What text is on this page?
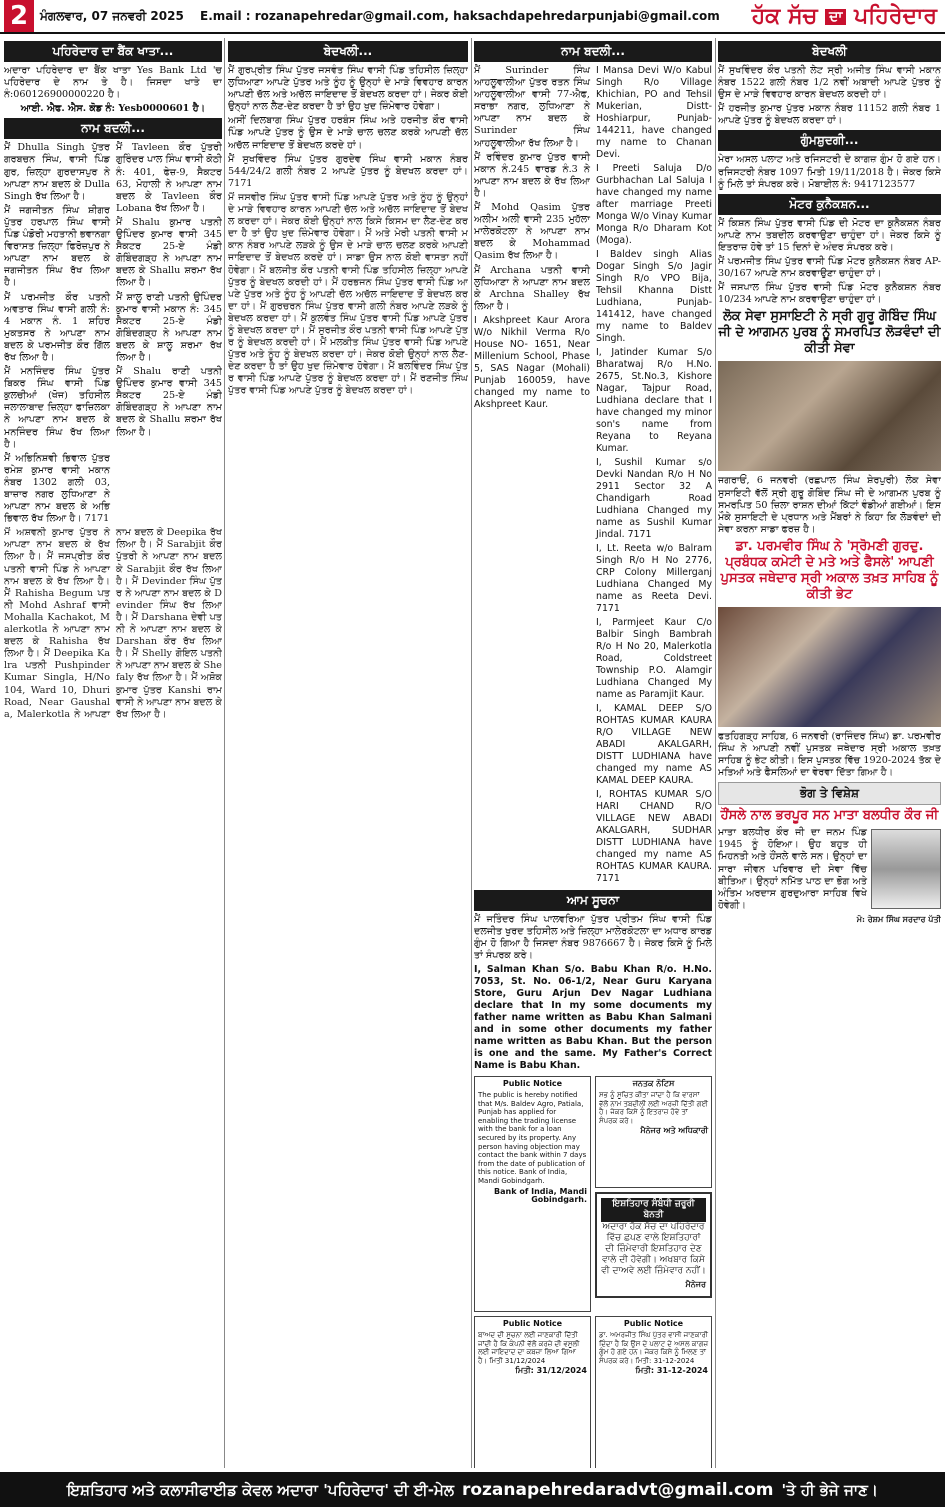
2 ਮੰਗਲਵਾਰ, 07 ਜਨਵਰੀ 2025	E.mail : rozanapehredar@gmail.com, haksachdapehredarpunjabi@gmail.com	ਹੱਕ ਸੱਚ ਦਾ ਪਹਿਰੇਦਾਰ
ਪਹਿਰੇਦਾਰ ਦਾ ਬੈਂਕ ਖਾਤਾ...
ਅਦਾਰਾ ਪਹਿਰੇਦਾਰ ਦਾ ਬੈਂਕ ਖਾਤਾ Yes Bank Ltd 'ਚ ਪਹਿਰੇਦਾਰ ਦੇ ਨਾਮ ਤੇ ਹੈ। ਜਿਸਦਾ ਖਾਤੇ ਦਾ ਨੰ:060126900000220 ਹੈ।
ਆਈ. ਐਫ. ਐਸ. ਕੋਡ ਨੰ: Yesb0000601 ਹੈ।
ਨਾਮ ਬਦਲੀ...

ਮੈਂ Dhulla Singh ਪੁੱਤਰ ਗਰਬਚਨ ਸਿੰਘ, ਵਾਸੀ ਪਿੰਡ ਗੁਰ, ਜ਼ਿਲ੍ਹਾ ਗੁਰਦਾਸਪੁਰ ਨੇ ਆਪਣਾ ਨਾਮ ਬਦਲ ਕੇ Dulla Singh ਰੱਖ ਲਿਆ ਹੈ।

ਮੈਂ ਜਗਜੀਤਨ ਸਿੰਘ ਸ਼ੀਗਰ ਪੁੱਤਰ ਹਰਪਾਲ ਸਿੰਘ ਵਾਸੀ ਪਿੰਡ ਪੰਡੋਰੀ ਮਹਤਾਨੀ ਭਵਾਨਗਾ ਵਿਰਾਸਤ ਜ਼ਿਲ੍ਹਾ ਫਿਰੋਜ਼ਪੁਰ ਨੇ ਆਪਣਾ ਨਾਮ ਬਦਲ ਕੇ ਜਗਜੀਤਨ ਸਿੰਘ ਰੱਖ ਲਿਆ ਹੈ।

ਮੈਂ ਪਰਮਜੀਤ ਕੌਰ ਪਤਨੀ ਅਵਤਾਰ ਸਿੰਘ ਵਾਸੀ ਗਲੀ ਨੰ: 4 ਮਕਾਨ ਨੰ. 1 ਸ਼ਹਿਰ ਮੁਕਤਸਰ ਨੇ ਆਪਣਾ ਨਾਮ ਬਦਲ ਕੇ ਪਰਮਜੀਤ ਕੌਰ ਗਿੱਲ ਰੱਖ ਲਿਆ ਹੈ।

ਮੈਂ ਮਨਜਿੰਦਰ ਸਿੰਘ ਪੁੱਤਰ ਬਿਕਰ ਸਿੰਘ ਵਾਸੀ ਪਿੰਡ ਕੁਲਚੀਆਂ (ਖੋਜ) ਤਹਿਸੀਲ ਜਲਾਲਾਬਾਦ ਜ਼ਿਲ੍ਹਾ ਫਾਜ਼ਿਲਕਾ ਨੇ ਆਪਣਾ ਨਾਮ ਬਦਲ ਕੇ ਮਨਜਿੰਦਰ ਸਿੰਘ ਰੱਖ ਲਿਆ ਹੈ।

ਮੈਂ ਅਭਿਨਿਸ਼ਵੀ ਭਿਵਾਲ ਪੁੱਤਰ ਰਮੇਸ਼ ਕੁਮਾਰ ਵਾਸੀ ਮਕਾਨ ਨੰਬਰ 1302 ਗਲੀ 03, ਬਾਜ਼ਾਰ ਨਗਰ ਲੁਧਿਆਣਾ ਨੇ ਆਪਣਾ ਨਾਮ ਬਦਲ ਕੇ ਅਭਿ ਭਿਵਾਲ ਰੱਖ ਲਿਆ ਹੈ। 7171

ਮੈਂ Tavleen ਕੌਰ ਪੁੱਤਰੀ ਗੁਰਿੰਦਰ ਪਾਲ ਸਿੰਘ ਵਾਸੀ ਕੋਠੀ ਨੰ: 401, ਫੇਜ਼-9, ਸੈਕਟਰ 63, ਮੋਹਾਲੀ ਨੇ ਆਪਣਾ ਨਾਮ ਬਦਲ ਕੇ Tavleen ਕੌਰ Lobana ਰੱਖ ਲਿਆ ਹੈ।

ਮੈਂ Shalu ਕੁਮਾਰ ਪਤਨੀ ਉਪਿੰਦਰ ਕੁਮਾਰ ਵਾਸੀ 345 ਸੈਕਟਰ 25-ਏ ਮੰਡੀ ਗੋਬਿੰਦਗੜ੍ਹ ਨੇ ਆਪਣਾ ਨਾਮ ਬਦਲ ਕੇ Shallu ਸ਼ਰਮਾ ਰੱਖ ਲਿਆ ਹੈ।

ਮੈਂ ਸ਼ਾਲੂ ਰਾਣੀ ਪਤਨੀ ਉਪਿੰਦਰ ਕੁਮਾਰ ਵਾਸੀ ਮਕਾਨ ਨੰ: 345 ਸੈਕਟਰ 25-ਏ ਮੰਡੀ ਗੋਬਿੰਦਗੜ੍ਹ ਨੇ ਆਪਣਾ ਨਾਮ ਬਦਲ ਕੇ ਸ਼ਾਲੂ ਸ਼ਰਮਾ ਰੱਖ ਲਿਆ ਹੈ।

ਮੈਂ Shalu ਰਾਣੀ ਪਤਨੀ ਉਪਿੰਦਰ ਕੁਮਾਰ ਵਾਸੀ 345 ਸੈਕਟਰ 25-ਏ ਮੰਡੀ ਗੋਬਿੰਦਗੜ੍ਹ ਨੇ ਆਪਣਾ ਨਾਮ ਬਦਲ ਕੇ Shallu ਸ਼ਰਮਾ ਰੱਖ ਲਿਆ ਹੈ।

ਮੈਂ ਅਸ਼ਵਨੀ ਕੁਮਾਰ ਪੁੱਤਰ ਨੇ ਆਪਣਾ ਨਾਮ ਬਦਲ ਕੇ ਰੱਖ ਲਿਆ ਹੈ। ਮੈਂ ਜਸਪ੍ਰੀਤ ਕੌਰ ਪਤਨੀ ਵਾਸੀ ਪਿੰਡ ਨੇ ਆਪਣਾ ਨਾਮ ਬਦਲ ਕੇ ਰੱਖ ਲਿਆ ਹੈ। ਮੈਂ Rahisha Begum ਪਤਨੀ Mohd Ashraf ਵਾਸੀ Mohalla Kachakot, Malerkotla ਨੇ ਆਪਣਾ ਨਾਮ ਬਦਲ ਕੇ Rahisha ਰੱਖ ਲਿਆ ਹੈ। ਮੈਂ Deepika Kalra ਪਤਨੀ Pushpinder Kumar Singla, H/No 104, Ward 10, Dhuri Road, Near Gaushala, Malerkotla ਨੇ ਆਪਣਾ ਨਾਮ ਬਦਲ ਕੇ Deepika ਰੱਖ ਲਿਆ ਹੈ। ਮੈਂ Sarabjit ਕੌਰ ਪੁੱਤਰੀ ਨੇ ਆਪਣਾ ਨਾਮ ਬਦਲ ਕੇ Sarabjit ਕੌਰ ਰੱਖ ਲਿਆ ਹੈ। ਮੈਂ Devinder ਸਿੰਘ ਪੁੱਤਰ ਨੇ ਆਪਣਾ ਨਾਮ ਬਦਲ ਕੇ Devinder ਸਿੰਘ ਰੱਖ ਲਿਆ ਹੈ। ਮੈਂ Darshana ਦੇਵੀ ਪਤਨੀ ਨੇ ਆਪਣਾ ਨਾਮ ਬਦਲ ਕੇ Darshan ਕੌਰ ਰੱਖ ਲਿਆ ਹੈ। ਮੈਂ Shelly ਗੋਇਲ ਪਤਨੀ ਨੇ ਆਪਣਾ ਨਾਮ ਬਦਲ ਕੇ Shefaly ਰੱਖ ਲਿਆ ਹੈ। ਮੈਂ ਅਸ਼ੋਕ ਕੁਮਾਰ ਪੁੱਤਰ Kanshi ਰਾਮ ਵਾਸੀ ਨੇ ਆਪਣਾ ਨਾਮ ਬਦਲ ਕੇ ਰੱਖ ਲਿਆ ਹੈ।
ਬੇਦਖਲੀ...

ਮੈਂ ਗੁਰਪ੍ਰੀਤ ਸਿੰਘ ਪੁੱਤਰ ਜਸਵੰਤ ਸਿੰਘ ਵਾਸੀ ਪਿੰਡ ਤਹਿਸੀਲ ਜ਼ਿਲ੍ਹਾ ਲੁਧਿਆਣਾ ਆਪਣੇ ਪੁੱਤਰ ਅਤੇ ਨੂੰਹ ਨੂੰ ਉਨ੍ਹਾਂ ਦੇ ਮਾੜੇ ਵਿਵਹਾਰ ਕਾਰਨ ਆਪਣੀ ਚੱਲ ਅਤੇ ਅਚੱਲ ਜਾਇਦਾਦ ਤੋਂ ਬੇਦਖਲ ਕਰਦਾ ਹਾਂ। ਜੇਕਰ ਕੋਈ ਉਨ੍ਹਾਂ ਨਾਲ ਲੈਣ-ਦੇਣ ਕਰਦਾ ਹੈ ਤਾਂ ਉਹ ਖੁਦ ਜ਼ਿੰਮੇਵਾਰ ਹੋਵੇਗਾ।

ਅਸੀਂ ਦਿਲਬਾਗ ਸਿੰਘ ਪੁੱਤਰ ਹਰਬੰਸ ਸਿੰਘ ਅਤੇ ਹਰਜੀਤ ਕੌਰ ਵਾਸੀ ਪਿੰਡ ਆਪਣੇ ਪੁੱਤਰ ਨੂੰ ਉਸ ਦੇ ਮਾੜੇ ਚਾਲ ਚਲਣ ਕਰਕੇ ਆਪਣੀ ਚੱਲ ਅਚੱਲ ਜਾਇਦਾਦ ਤੋਂ ਬੇਦਖਲ ਕਰਦੇ ਹਾਂ।

ਮੈਂ ਸੁਖਵਿੰਦਰ ਸਿੰਘ ਪੁੱਤਰ ਗੁਰਦੇਵ ਸਿੰਘ ਵਾਸੀ ਮਕਾਨ ਨੰਬਰ 544/24/2 ਗਲੀ ਨੰਬਰ 2 ਆਪਣੇ ਪੁੱਤਰ ਨੂੰ ਬੇਦਖਲ ਕਰਦਾ ਹਾਂ। 7171

ਮੈਂ ਜਸਵੀਰ ਸਿੰਘ ਪੁੱਤਰ ਵਾਸੀ ਪਿੰਡ ਆਪਣੇ ਪੁੱਤਰ ਅਤੇ ਨੂੰਹ ਨੂੰ ਉਨ੍ਹਾਂ ਦੇ ਮਾੜੇ ਵਿਵਹਾਰ ਕਾਰਨ ਆਪਣੀ ਚੱਲ ਅਤੇ ਅਚੱਲ ਜਾਇਦਾਦ ਤੋਂ ਬੇਦਖਲ ਕਰਦਾ ਹਾਂ। ਜੇਕਰ ਕੋਈ ਉਨ੍ਹਾਂ ਨਾਲ ਕਿਸੇ ਕਿਸਮ ਦਾ ਲੈਣ-ਦੇਣ ਕਰਦਾ ਹੈ ਤਾਂ ਉਹ ਖੁਦ ਜ਼ਿੰਮੇਵਾਰ ਹੋਵੇਗਾ। ਮੈਂ ਅਤੇ ਮੇਰੀ ਪਤਨੀ ਵਾਸੀ ਮਕਾਨ ਨੰਬਰ ਆਪਣੇ ਲੜਕੇ ਨੂੰ ਉਸ ਦੇ ਮਾੜੇ ਚਾਲ ਚਲਣ ਕਰਕੇ ਆਪਣੀ ਜਾਇਦਾਦ ਤੋਂ ਬੇਦਖਲ ਕਰਦੇ ਹਾਂ। ਸਾਡਾ ਉਸ ਨਾਲ ਕੋਈ ਵਾਸਤਾ ਨਹੀਂ ਹੋਵੇਗਾ। ਮੈਂ ਬਲਜੀਤ ਕੌਰ ਪਤਨੀ ਵਾਸੀ ਪਿੰਡ ਤਹਿਸੀਲ ਜ਼ਿਲ੍ਹਾ ਆਪਣੇ ਪੁੱਤਰ ਨੂੰ ਬੇਦਖਲ ਕਰਦੀ ਹਾਂ। ਮੈਂ ਹਰਭਜਨ ਸਿੰਘ ਪੁੱਤਰ ਵਾਸੀ ਪਿੰਡ ਆਪਣੇ ਪੁੱਤਰ ਅਤੇ ਨੂੰਹ ਨੂੰ ਆਪਣੀ ਚੱਲ ਅਚੱਲ ਜਾਇਦਾਦ ਤੋਂ ਬੇਦਖਲ ਕਰਦਾ ਹਾਂ। ਮੈਂ ਗੁਰਚਰਨ ਸਿੰਘ ਪੁੱਤਰ ਵਾਸੀ ਗਲੀ ਨੰਬਰ ਆਪਣੇ ਲੜਕੇ ਨੂੰ ਬੇਦਖਲ ਕਰਦਾ ਹਾਂ। ਮੈਂ ਕੁਲਵੰਤ ਸਿੰਘ ਪੁੱਤਰ ਵਾਸੀ ਪਿੰਡ ਆਪਣੇ ਪੁੱਤਰ ਨੂੰ ਬੇਦਖਲ ਕਰਦਾ ਹਾਂ। ਮੈਂ ਸੁਰਜੀਤ ਕੌਰ ਪਤਨੀ ਵਾਸੀ ਪਿੰਡ ਆਪਣੇ ਪੁੱਤਰ ਨੂੰ ਬੇਦਖਲ ਕਰਦੀ ਹਾਂ। ਮੈਂ ਮਲਕੀਤ ਸਿੰਘ ਪੁੱਤਰ ਵਾਸੀ ਪਿੰਡ ਆਪਣੇ ਪੁੱਤਰ ਅਤੇ ਨੂੰਹ ਨੂੰ ਬੇਦਖਲ ਕਰਦਾ ਹਾਂ। ਜੇਕਰ ਕੋਈ ਉਨ੍ਹਾਂ ਨਾਲ ਲੈਣ-ਦੇਣ ਕਰਦਾ ਹੈ ਤਾਂ ਉਹ ਖੁਦ ਜ਼ਿੰਮੇਵਾਰ ਹੋਵੇਗਾ। ਮੈਂ ਬਲਵਿੰਦਰ ਸਿੰਘ ਪੁੱਤਰ ਵਾਸੀ ਪਿੰਡ ਆਪਣੇ ਪੁੱਤਰ ਨੂੰ ਬੇਦਖਲ ਕਰਦਾ ਹਾਂ। ਮੈਂ ਰਣਜੀਤ ਸਿੰਘ ਪੁੱਤਰ ਵਾਸੀ ਪਿੰਡ ਆਪਣੇ ਪੁੱਤਰ ਨੂੰ ਬੇਦਖਲ ਕਰਦਾ ਹਾਂ।
ਨਾਮ ਬਦਲੀ...

ਮੈਂ Surinder ਸਿੰਘ ਆਹਲੂਵਾਲੀਆ ਪੁੱਤਰ ਰਤਨ ਸਿੰਘ ਆਹਲੂਵਾਲੀਆ ਵਾਸੀ 77-ਐਫ, ਸਰਾਭਾ ਨਗਰ, ਲੁਧਿਆਣਾ ਨੇ ਆਪਣਾ ਨਾਮ ਬਦਲ ਕੇ Surinder ਸਿੰਘ ਆਹਲੂਵਾਲੀਆ ਰੱਖ ਲਿਆ ਹੈ।

ਮੈਂ ਰਵਿੰਦਰ ਕੁਮਾਰ ਪੁੱਤਰ ਵਾਸੀ ਮਕਾਨ ਨੰ.245 ਵਾਰਡ ਨੰ.3 ਨੇ ਆਪਣਾ ਨਾਮ ਬਦਲ ਕੇ ਰੱਖ ਲਿਆ ਹੈ।

ਮੈਂ Mohd Qasim ਪੁੱਤਰ ਅਲੀਮ ਅਲੀ ਵਾਸੀ 235 ਮੁਹੱਲਾ ਮਾਲੇਰਕੋਟਲਾ ਨੇ ਆਪਣਾ ਨਾਮ ਬਦਲ ਕੇ Mohammad Qasim ਰੱਖ ਲਿਆ ਹੈ।

ਮੈਂ Archana ਪਤਨੀ ਵਾਸੀ ਲੁਧਿਆਣਾ ਨੇ ਆਪਣਾ ਨਾਮ ਬਦਲ ਕੇ Archna Shalley ਰੱਖ ਲਿਆ ਹੈ।

I Akshpreet Kaur Arora W/o Nikhil Verma R/o House NO- 1651, Near Millenium School, Phase 5, SAS Nagar (Mohali) Punjab 160059, have changed my name to Akshpreet Kaur.

I Mansa Devi W/o Kabul Singh R/o Village Khichian, PO and Tehsil Mukerian, Distt-Hoshiarpur, Punjab-144211, have changed my name to Chanan Devi.

I Preeti Saluja D/o Gurbhachan Lal Saluja I have changed my name after marriage Preeti Monga W/o Vinay Kumar Monga R/o Dharam Kot (Moga).

I Baldev singh Alias Dogar Singh S/o Jagir Singh R/o VPO Bija, Tehsil Khanna Distt Ludhiana, Punjab-141412, have changed my name to Baldev Singh.

I, Jatinder Kumar S/o Bharatwaj R/o H.No. 2675, St.No.3, Kishore Nagar, Tajpur Road, Ludhiana declare that I have changed my minor son's name from Reyana to Reyana Kumar.

I, Sushil Kumar s/o Devki Nandan R/o H No 2911 Sector 32 A Chandigarh Road Ludhiana Changed my name as Sushil Kumar Jindal. 7171

I, Lt. Reeta w/o Balram Singh R/o H No 2776, CRP Colony Millerganj Ludhiana Changed My name as Reeta Devi. 7171

I, Parmjeet Kaur C/o Balbir Singh Bambrah R/o H No 20, Malerkotla Road, Coldstreet Township P.O. Alamgir Ludhiana Changed My name as Paramjit Kaur.

I, KAMAL DEEP S/O ROHTAS KUMAR KAURA R/O VILLAGE NEW ABADI AKALGARH, DISTT LUDHIANA have changed my name AS KAMAL DEEP KAURA.

I, ROHTAS KUMAR S/O HARI CHAND R/O VILLAGE NEW ABADI AKALGARH, SUDHAR DISTT LUDHIANA have changed my name AS ROHTAS KUMAR KAURA. 7171

ਆਮ ਸੂਚਨਾ

ਮੈਂ ਜਤਿੰਦਰ ਸਿੰਘ ਪਾਲਵਰਿਆ ਪੁੱਤਰ ਪ੍ਰੀਤਮ ਸਿੰਘ ਵਾਸੀ ਪਿੰਡ ਦਲਜੀਤ ਖੁਰਦ ਤਹਿਸੀਲ ਅਤੇ ਜ਼ਿਲ੍ਹਾ ਮਾਲੇਰਕੋਟਲਾ ਦਾ ਅਧਾਰ ਕਾਰਡ ਗੁੰਮ ਹੋ ਗਿਆ ਹੈ ਜਿਸਦਾ ਨੰਬਰ 9876667 ਹੈ। ਜੇਕਰ ਕਿਸੇ ਨੂੰ ਮਿਲੇ ਤਾਂ ਸੰਪਰਕ ਕਰੇ।

I, Salman Khan S/o. Babu Khan R/o. H.No. 7053, St. No. 06-1/2, Near Guru Karyana Store, Guru Arjun Dev Nagar Ludhiana declare that In my some documents my father name written as Babu Khan Salmani and in some other documents my father name written as Babu Khan. But the person is one and the same. My Father's Correct Name is Babu Khan.

Public Notice
The public is hereby notified that M/s. Baldev Agro, Patiala, Punjab has applied for enabling the trading license with the bank for a loan secured by its property. Any person having objection may contact the bank within 7 days from the date of publication of this notice. Bank of India, Mandi Gobindgarh.
Bank of India, Mandi Gobindgarh.
ਜਨਤਕ ਨੋਟਿਸ
ਸਭ ਨੂੰ ਸੂਚਿਤ ਕੀਤਾ ਜਾਂਦਾ ਹੈ ਕਿ ਵਾਰਸਾਂ ਵੱਲੋਂ ਨਾਮ ਤਬਦੀਲੀ ਲਈ ਅਰਜ਼ੀ ਦਿੱਤੀ ਗਈ ਹੈ। ਜੇਕਰ ਕਿਸੇ ਨੂੰ ਇਤਰਾਜ਼ ਹੋਵੇ ਤਾਂ ਸੰਪਰਕ ਕਰੇ।
ਮੈਨੇਜਰ ਅਤੇ ਅਧਿਕਾਰੀ
ਇਸ਼ਤਿਹਾਰ ਸੰਬੰਧੀ ਜ਼ਰੂਰੀ ਬੇਨਤੀ
ਅਦਾਰਾ ਹੱਕ ਸੱਚ ਦਾ ਪਹਿਰੇਦਾਰ ਵਿੱਚ ਛਪਣ ਵਾਲੇ ਇਸ਼ਤਿਹਾਰਾਂ ਦੀ ਜ਼ਿੰਮੇਵਾਰੀ ਇਸ਼ਤਿਹਾਰ ਦੇਣ ਵਾਲੇ ਦੀ ਹੋਵੇਗੀ। ਅਖਬਾਰ ਕਿਸੇ ਵੀ ਦਾਅਵੇ ਲਈ ਜ਼ਿੰਮੇਵਾਰ ਨਹੀਂ।
ਮੈਨੇਜਰ
Public Notice
ਬਾਅਦ ਦੀ ਸੂਚਨਾ ਲਈ ਜਾਣਕਾਰੀ ਦਿੱਤੀ ਜਾਂਦੀ ਹੈ ਕਿ ਕੰਪਨੀ ਵੱਲੋਂ ਕਰਜ਼ੇ ਦੀ ਵਸੂਲੀ ਲਈ ਜਾਇਦਾਦ ਦਾ ਕਬਜ਼ਾ ਲਿਆ ਗਿਆ ਹੈ। ਮਿਤੀ 31/12/2024
ਮਿਤੀ: 31/12/2024
Public Notice
ਡਾ. ਅਮਰਜੀਤ ਸਿੰਘ ਪੁੱਤਰ ਵਾਸੀ ਜਾਣਕਾਰੀ ਦਿੰਦਾ ਹੈ ਕਿ ਉਸ ਦੇ ਪਲਾਟ ਦੇ ਅਸਲ ਕਾਗਜ਼ ਗੁੰਮ ਹੋ ਗਏ ਹਨ। ਜੇਕਰ ਕਿਸੇ ਨੂੰ ਮਿਲਣ ਤਾਂ ਸੰਪਰਕ ਕਰੇ। ਮਿਤੀ: 31-12-2024
ਮਿਤੀ: 31-12-2024
ਬੇਦਖਲੀ

ਮੈਂ ਸੁਖਵਿੰਦਰ ਕੌਰ ਪਤਨੀ ਲੇਟ ਸ੍ਰੀ ਅਜੀਤ ਸਿੰਘ ਵਾਸੀ ਮਕਾਨ ਨੰਬਰ 1522 ਗਲੀ ਨੰਬਰ 1/2 ਨਵੀਂ ਅਬਾਦੀ ਆਪਣੇ ਪੁੱਤਰ ਨੂੰ ਉਸ ਦੇ ਮਾੜੇ ਵਿਵਹਾਰ ਕਾਰਨ ਬੇਦਖਲ ਕਰਦੀ ਹਾਂ।

ਮੈਂ ਹਰਜੀਤ ਕੁਮਾਰ ਪੁੱਤਰ ਮਕਾਨ ਨੰਬਰ 11152 ਗਲੀ ਨੰਬਰ 1 ਆਪਣੇ ਪੁੱਤਰ ਨੂੰ ਬੇਦਖਲ ਕਰਦਾ ਹਾਂ।

ਗੁੰਮਸ਼ੁਦਗੀ...

ਮੇਰਾ ਅਸਲ ਪਲਾਟ ਅਤੇ ਰਜਿਸਟਰੀ ਦੇ ਕਾਗਜ਼ ਗੁੰਮ ਹੋ ਗਏ ਹਨ। ਰਜਿਸਟਰੀ ਨੰਬਰ 1097 ਮਿਤੀ 19/11/2018 ਹੈ। ਜੇਕਰ ਕਿਸੇ ਨੂੰ ਮਿਲੇ ਤਾਂ ਸੰਪਰਕ ਕਰੇ। ਮੋਬਾਈਲ ਨੰ: 9417123577

ਮੋਟਰ ਕੁਨੈਕਸ਼ਨ...

ਮੈਂ ਕਿਸ਼ਨ ਸਿੰਘ ਪੁੱਤਰ ਵਾਸੀ ਪਿੰਡ ਦੀ ਮੋਟਰ ਦਾ ਕੁਨੈਕਸ਼ਨ ਨੰਬਰ ਆਪਣੇ ਨਾਮ ਤਬਦੀਲ ਕਰਵਾਉਣਾ ਚਾਹੁੰਦਾ ਹਾਂ। ਜੇਕਰ ਕਿਸੇ ਨੂੰ ਇਤਰਾਜ਼ ਹੋਵੇ ਤਾਂ 15 ਦਿਨਾਂ ਦੇ ਅੰਦਰ ਸੰਪਰਕ ਕਰੇ।

ਮੈਂ ਪਰਮਜੀਤ ਸਿੰਘ ਪੁੱਤਰ ਵਾਸੀ ਪਿੰਡ ਮੋਟਰ ਕੁਨੈਕਸ਼ਨ ਨੰਬਰ AP-30/167 ਆਪਣੇ ਨਾਮ ਕਰਵਾਉਣਾ ਚਾਹੁੰਦਾ ਹਾਂ।

ਮੈਂ ਜਸਪਾਲ ਸਿੰਘ ਪੁੱਤਰ ਵਾਸੀ ਪਿੰਡ ਮੋਟਰ ਕੁਨੈਕਸ਼ਨ ਨੰਬਰ 10/234 ਆਪਣੇ ਨਾਮ ਕਰਵਾਉਣਾ ਚਾਹੁੰਦਾ ਹਾਂ।

ਲੋਕ ਸੇਵਾ ਸੁਸਾਇਟੀ ਨੇ ਸ੍ਰੀ ਗੁਰੂ ਗੋਬਿੰਦ ਸਿੰਘ ਜੀ ਦੇ ਆਗਮਨ ਪੁਰਬ ਨੂੰ ਸਮਰਪਿਤ ਲੋੜਵੰਦਾਂ ਦੀ ਕੀਤੀ ਸੇਵਾ

ਜਗਰਾਓਂ, 6 ਜਨਵਰੀ (ਰਛਪਾਲ ਸਿੰਘ ਸ਼ੇਰਪੁਰੀ) ਲੋਕ ਸੇਵਾ ਸੁਸਾਇਟੀ ਵੱਲੋਂ ਸ੍ਰੀ ਗੁਰੂ ਗੋਬਿੰਦ ਸਿੰਘ ਜੀ ਦੇ ਆਗਮਨ ਪੁਰਬ ਨੂੰ ਸਮਰਪਿਤ 50 ਜ਼ਿਲਾ ਰਾਸ਼ਨ ਦੀਆਂ ਕਿੱਟਾਂ ਵੰਡੀਆਂ ਗਈਆਂ। ਇਸ ਮੌਕੇ ਸੁਸਾਇਟੀ ਦੇ ਪ੍ਰਧਾਨ ਅਤੇ ਮੈਂਬਰਾਂ ਨੇ ਕਿਹਾ ਕਿ ਲੋੜਵੰਦਾਂ ਦੀ ਸੇਵਾ ਕਰਨਾ ਸਾਡਾ ਫਰਜ਼ ਹੈ।

ਡਾ. ਪਰਮਵੀਰ ਸਿੰਘ ਨੇ 'ਸ੍ਰੋਮਣੀ ਗੁਰਦੁ. ਪ੍ਰਬੰਧਕ ਕਮੇਟੀ ਦੇ ਮਤੇ ਅਤੇ ਫੈਸਲੇ' ਆਪਣੀ ਪੁਸਤਕ ਜਥੇਦਾਰ ਸ੍ਰੀ ਅਕਾਲ ਤਖ਼ਤ ਸਾਹਿਬ ਨੂੰ ਕੀਤੀ ਭੇਟ

ਫਤਹਿਗੜ੍ਹ ਸਾਹਿਬ, 6 ਜਨਵਰੀ (ਰਾਜਿੰਦਰ ਸਿੰਘ) ਡਾ. ਪਰਮਵੀਰ ਸਿੰਘ ਨੇ ਆਪਣੀ ਨਵੀਂ ਪੁਸਤਕ ਜਥੇਦਾਰ ਸ੍ਰੀ ਅਕਾਲ ਤਖ਼ਤ ਸਾਹਿਬ ਨੂੰ ਭੇਟ ਕੀਤੀ। ਇਸ ਪੁਸਤਕ ਵਿੱਚ 1920-2024 ਤੱਕ ਦੇ ਮਤਿਆਂ ਅਤੇ ਫੈਸਲਿਆਂ ਦਾ ਵੇਰਵਾ ਦਿੱਤਾ ਗਿਆ ਹੈ।

ਭੋਗ ਤੇ ਵਿਸ਼ੇਸ਼
ਹੌਂਸਲੇ ਨਾਲ ਭਰਪੂਰ ਸਨ ਮਾਤਾ ਬਲਧੀਰ ਕੌਰ ਜੀ

ਮਾਤਾ ਬਲਧੀਰ ਕੌਰ ਜੀ ਦਾ ਜਨਮ ਪਿੰਡ 1945 ਨੂੰ ਹੋਇਆ। ਉਹ ਬਹੁਤ ਹੀ ਮਿਹਨਤੀ ਅਤੇ ਹੌਂਸਲੇ ਵਾਲੇ ਸਨ। ਉਨ੍ਹਾਂ ਦਾ ਸਾਰਾ ਜੀਵਨ ਪਰਿਵਾਰ ਦੀ ਸੇਵਾ ਵਿੱਚ ਬੀਤਿਆ। ਉਨ੍ਹਾਂ ਨਮਿੱਤ ਪਾਠ ਦਾ ਭੋਗ ਅਤੇ ਅੰਤਿਮ ਅਰਦਾਸ ਗੁਰਦੁਆਰਾ ਸਾਹਿਬ ਵਿਖੇ ਹੋਵੇਗੀ।

ਮੋ: ਰੇਸ਼ਮ ਸਿੰਘ ਸਰਦਾਰ ਪੱਤੀ
ਇਸ਼ਤਿਹਾਰ ਅਤੇ ਕਲਾਸੀਫਾਈਡ ਕੇਵਲ ਅਦਾਰਾ 'ਪਹਿਰੇਦਾਰ' ਦੀ ਈ-ਮੇਲ rozanapehredaradvt@gmail.com 'ਤੇ ਹੀ ਭੇਜੇ ਜਾਣ।
